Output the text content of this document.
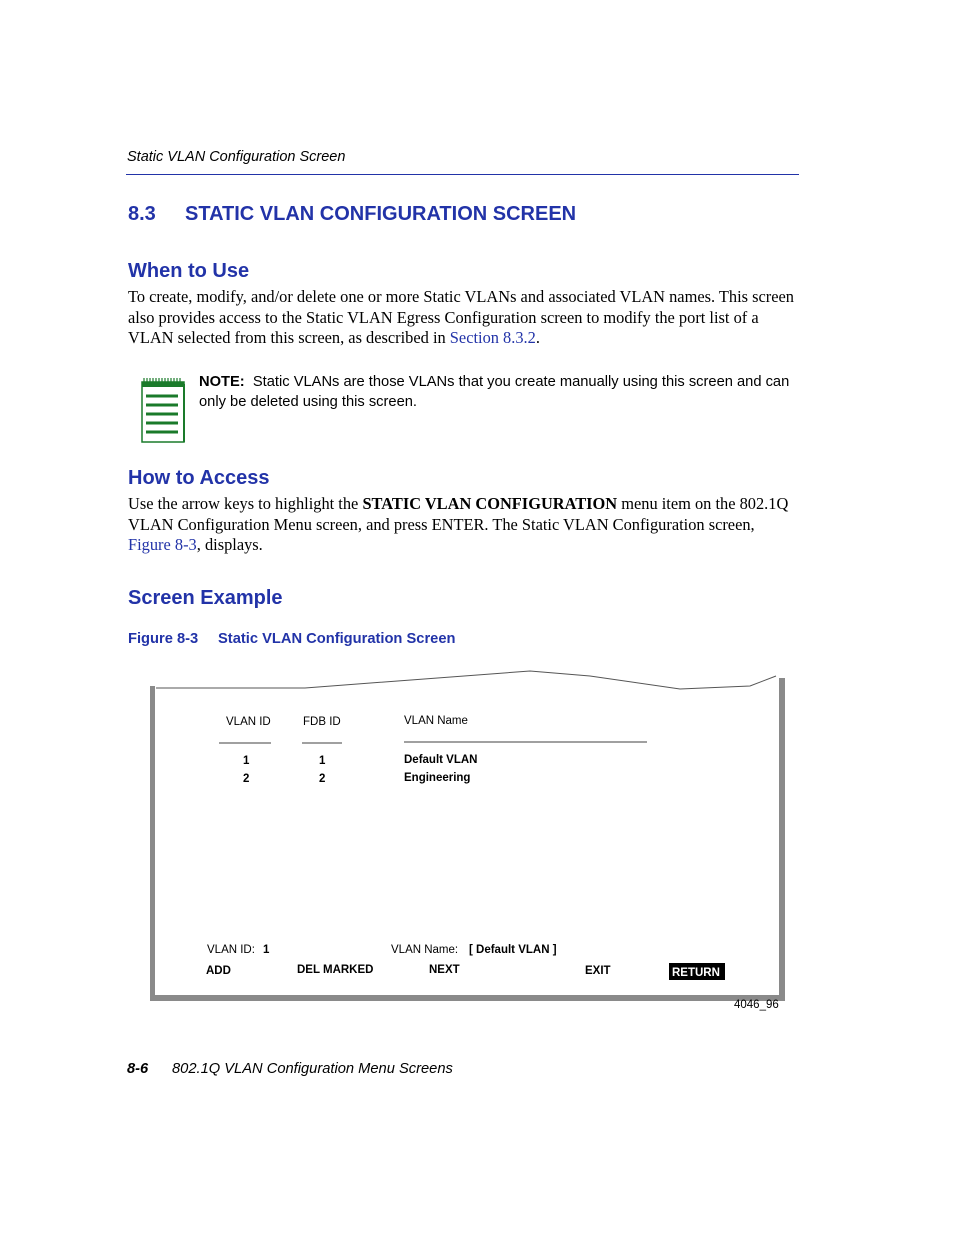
Static VLAN Configuration Screen
8.3 STATIC VLAN CONFIGURATION SCREEN
When to Use
To create, modify, and/or delete one or more Static VLANs and associated VLAN names. This screen also provides access to the Static VLAN Egress Configuration screen to modify the port list of a VLAN selected from this screen, as described in Section 8.3.2.
NOTE: Static VLANs are those VLANs that you create manually using this screen and can only be deleted using this screen.
How to Access
Use the arrow keys to highlight the STATIC VLAN CONFIGURATION menu item on the 802.1Q VLAN Configuration Menu screen, and press ENTER. The Static VLAN Configuration screen, Figure 8-3, displays.
Screen Example
Figure 8-3 Static VLAN Configuration Screen
VLAN ID	FDB ID	VLAN Name
1	1	Default VLAN
2	2	Engineering
VLAN ID: 1	VLAN Name: [ Default VLAN ]
ADD	DEL MARKED	NEXT	EXIT	RETURN
4046_96
8-6 802.1Q VLAN Configuration Menu Screens
